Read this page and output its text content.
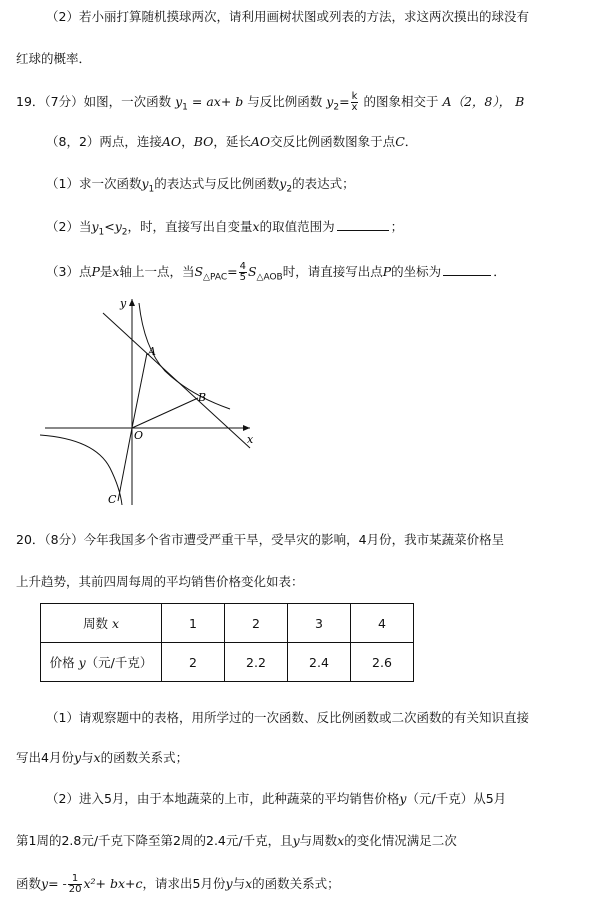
（2）若小丽打算随机摸球两次，请利用画树状图或列表的方法，求这两次摸出的球没有
红球的概率．
19．（7分）如图，一次函数 $y_1 = ax+ b$ 与反比例函数 $y_2= \frac{k}{x}$ 的图象相交于 A（2，8）， B
（8，2）两点，连接AO，BO，延长AO交反比例函数图象于点C．
（1）求一次函数$y_1$的表达式与反比例函数$y_2$的表达式；
（2）当$y_1<y_2$，时，直接写出自变量x的取值范围为	；
（3）点P是x轴上一点，当$S_{\triangle PAC}= \frac{4}{5} S_{\triangle AOB}$时，请直接写出点P的坐标为	．
y
x
A
B
O
C
20．（8分）今年我国多个省市遭受严重干旱，受旱灾的影响，4月份，我市某蔬菜价格呈
上升趋势，其前四周每周的平均销售价格变化如表：
周数 x	1	2	3	4
价格 y（元/千克）	2	2.2	2.4	2.6
（1）请观察题中的表格，用所学过的一次函数、反比例函数或二次函数的有关知识直接
写出4月份y与x的函数关系式；
（2）进入5月，由于本地蔬菜的上市，此种蔬菜的平均销售价格y（元/千克）从5月
第1周的2.8元/千克下降至第2周的2.4元/千克，且y与周数x的变化情况满足二次
函数$y= - \frac{1}{20} x^2+ bx+c$，请求出5月份y与x的函数关系式；
